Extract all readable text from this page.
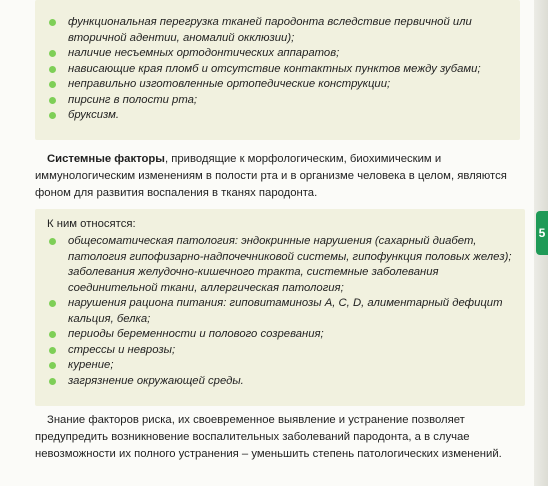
5
функциональная перегрузка тканей пародонта вследствие первичной или вторичной адентии, аномалий окклюзии);
наличие несъемных ортодонтических аппаратов;
нависающие края пломб и отсутствие контактных пунктов между зубами;
неправильно изготовленные ортопедические конструкции;
пирсинг в полости рта;
бруксизм.

Системные факторы, приводящие к морфологическим, биохимическим и иммунологическим изменениям в полости рта и в организме человека в целом, являются фоном для развития воспаления в тканях пародонта.

К ним относятся:

общесоматическая патология: эндокринные нарушения (сахарный диабет, патология гипофизарно-надпочечниковой системы, гипофункция половых желез); заболевания желудочно-кишечного тракта, системные заболевания соединительной ткани, аллергическая патология;
нарушения рациона питания: гиповитаминозы A, C, D, алиментарный дефицит кальция, белка;
периоды беременности и полового созревания;
стрессы и неврозы;
курение;
загрязнение окружающей среды.

Знание факторов риска, их своевременное выявление и устранение позволяет предупредить возникновение воспалительных заболеваний пародонта, а в случае невозможности их полного устранения – уменьшить степень патологических изменений.
